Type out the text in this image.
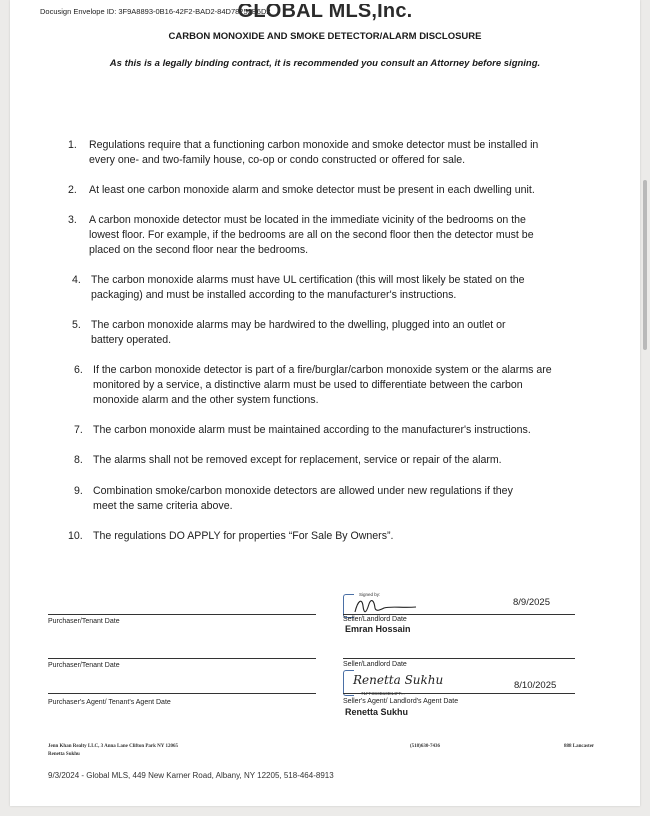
Docusign Envelope ID: 3F9A8893-0B16-42F2-BAD2-84D78252B6D2
GLOBAL MLS,Inc.
CARBON MONOXIDE AND SMOKE DETECTOR/ALARM DISCLOSURE
As this is a legally binding contract, it is recommended you consult an Attorney before signing.
1. Regulations require that a functioning carbon monoxide and smoke detector must be installed in
every one- and two-family house, co-op or condo constructed or offered for sale.
2. At least one carbon monoxide alarm and smoke detector must be present in each dwelling unit.
3. A carbon monoxide detector must be located in the immediate vicinity of the bedrooms on the
lowest floor. For example, if the bedrooms are all on the second floor then the detector must be
placed on the second floor near the bedrooms.
4. The carbon monoxide alarms must have UL certification (this will most likely be stated on the
packaging) and must be installed according to the manufacturer's instructions.
5. The carbon monoxide alarms may be hardwired to the dwelling, plugged into an outlet or
battery operated.
6. If the carbon monoxide detector is part of a fire/burglar/carbon monoxide system or the alarms are
monitored by a service, a distinctive alarm must be used to differentiate between the carbon
monoxide alarm and the other system functions.
7. The carbon monoxide alarm must be maintained according to the manufacturer's instructions.
8. The alarms shall not be removed except for replacement, service or repair of the alarm.
9. Combination smoke/carbon monoxide detectors are allowed under new regulations if they
meet the same criteria above.
10. The regulations DO APPLY for properties “For Sale By Owners”.
Purchaser/Tenant Date
Purchaser/Tenant Date
Purchaser's Agent/ Tenant's Agent Date
Signed by:
Seller/Landlord Date
Emran Hossain
8/9/2025
Seller/Landlord Date
Renetta Sukhu
71FF3C0B10D14FF...
Seller's Agent/ Landlord's Agent Date
Renetta Sukhu
8/10/2025
Jenn Khan Realty LLC, 3 Anna Lane Clifton Park NY 12065
Renetta Sukhu
(518)630-7436	888 Lancaster
9/3/2024 - Global MLS, 449 New Karner Road, Albany, NY 12205, 518-464-8913
